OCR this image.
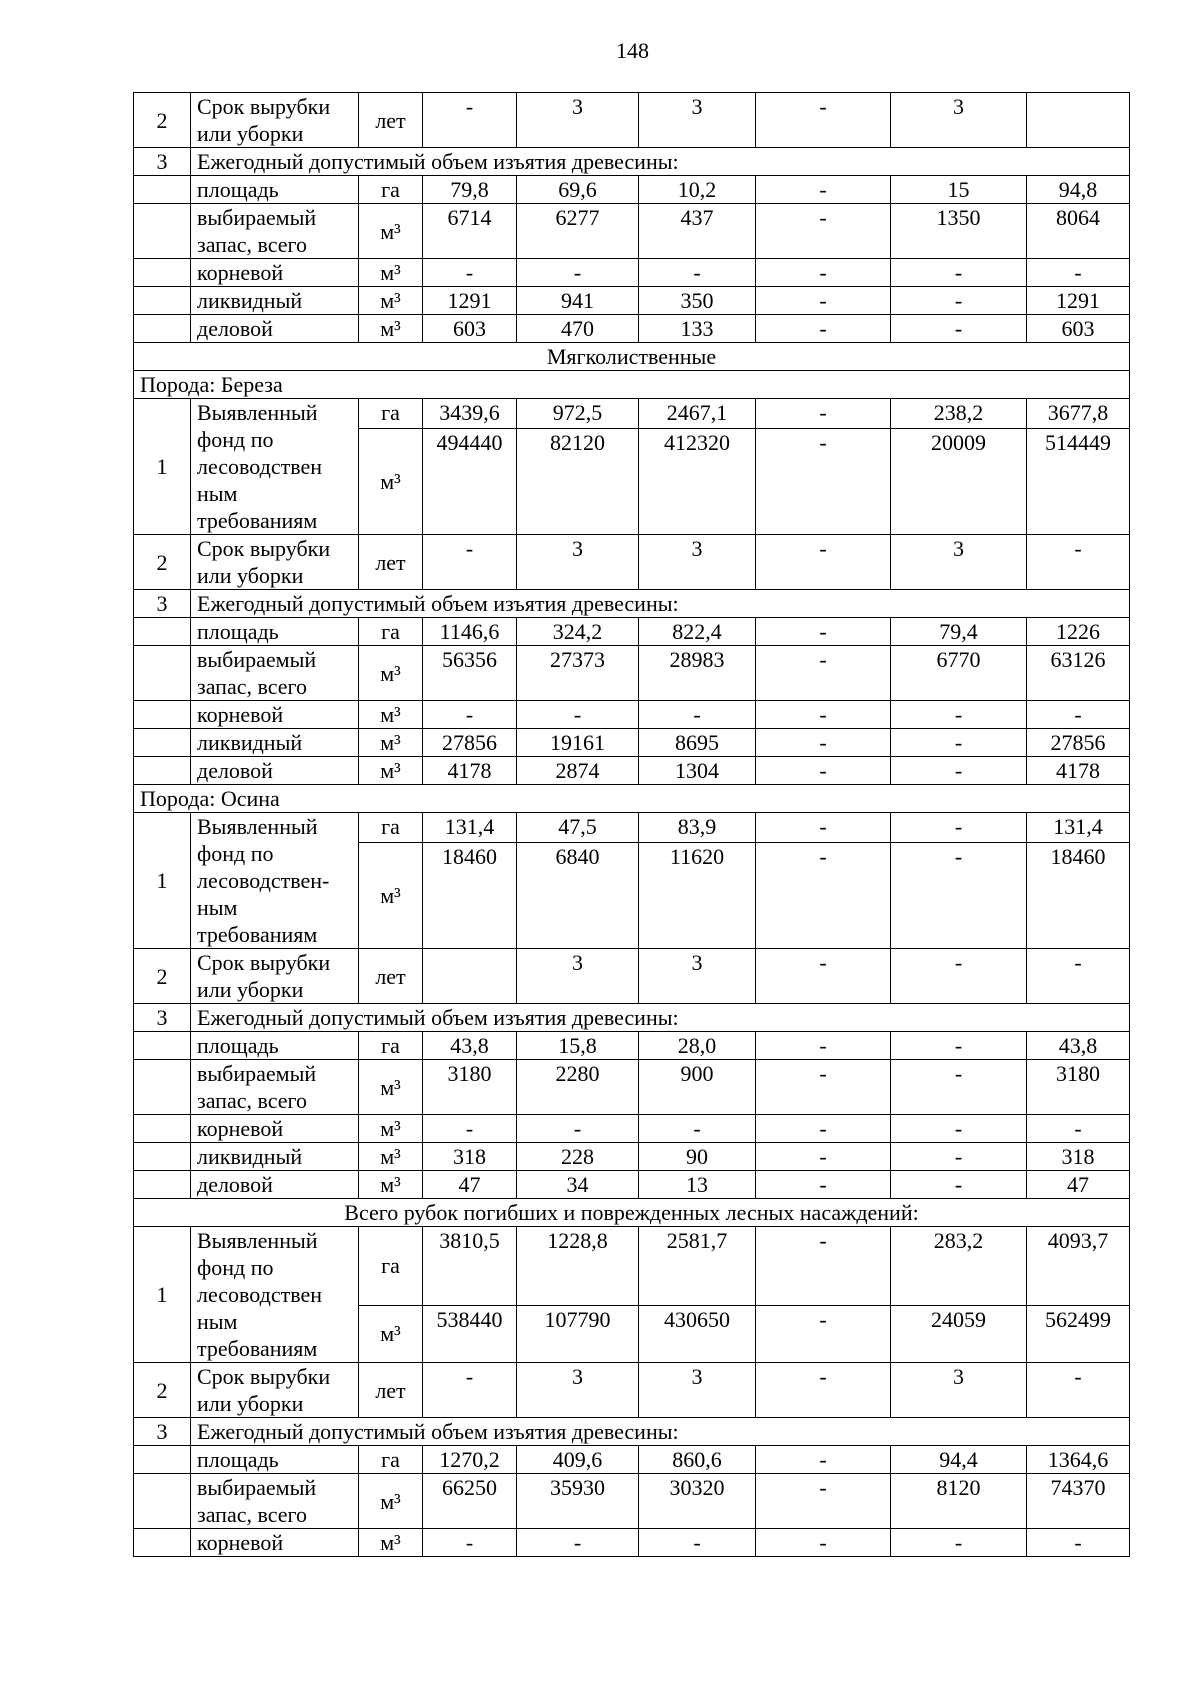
148
2	Срок вырубки или уборки	лет	-	3	3	-	3	
3	Ежегодный допустимый объем изъятия древесины:							
	площадь	га	79,8	69,6	10,2	-	15	94,8
	выбираемый запас, всего	м³	6714	6277	437	-	1350	8064
	корневой	м³	-	-	-	-	-	-
	ликвидный	м³	1291	941	350	-	-	1291
	деловой	м³	603	470	133	-	-	603
Мягколиственные								
Порода: Береза								
1	Выявленный фонд по лесоводствен ным требованиям	га	3439,6	972,5	2467,1	-	238,2	3677,8
		м³	494440	82120	412320	-	20009	514449
2	Срок вырубки или уборки	лет	-	3	3	-	3	-
3	Ежегодный допустимый объем изъятия древесины:							
	площадь	га	1146,6	324,2	822,4	-	79,4	1226
	выбираемый запас, всего	м³	56356	27373	28983	-	6770	63126
	корневой	м³	-	-	-	-	-	-
	ликвидный	м³	27856	19161	8695	-	-	27856
	деловой	м³	4178	2874	1304	-	-	4178
Порода: Осина								
1	Выявленный фонд по лесоводствен-ным требованиям	га	131,4	47,5	83,9	-	-	131,4
		м³	18460	6840	11620	-	-	18460
2	Срок вырубки или уборки	лет		3	3	-	-	-
3	Ежегодный допустимый объем изъятия древесины:							
	площадь	га	43,8	15,8	28,0	-	-	43,8
	выбираемый запас, всего	м³	3180	2280	900	-	-	3180
	корневой	м³	-	-	-	-	-	-
	ликвидный	м³	318	228	90	-	-	318
	деловой	м³	47	34	13	-	-	47
Всего рубок погибших и поврежденных лесных насаждений:								
1	Выявленный фонд по лесоводствен ным требованиям	га	3810,5	1228,8	2581,7	-	283,2	4093,7
		м³	538440	107790	430650	-	24059	562499
2	Срок вырубки или уборки	лет	-	3	3	-	3	-
3	Ежегодный допустимый объем изъятия древесины:							
	площадь	га	1270,2	409,6	860,6	-	94,4	1364,6
	выбираемый запас, всего	м³	66250	35930	30320	-	8120	74370
	корневой	м³	-	-	-	-	-	-
